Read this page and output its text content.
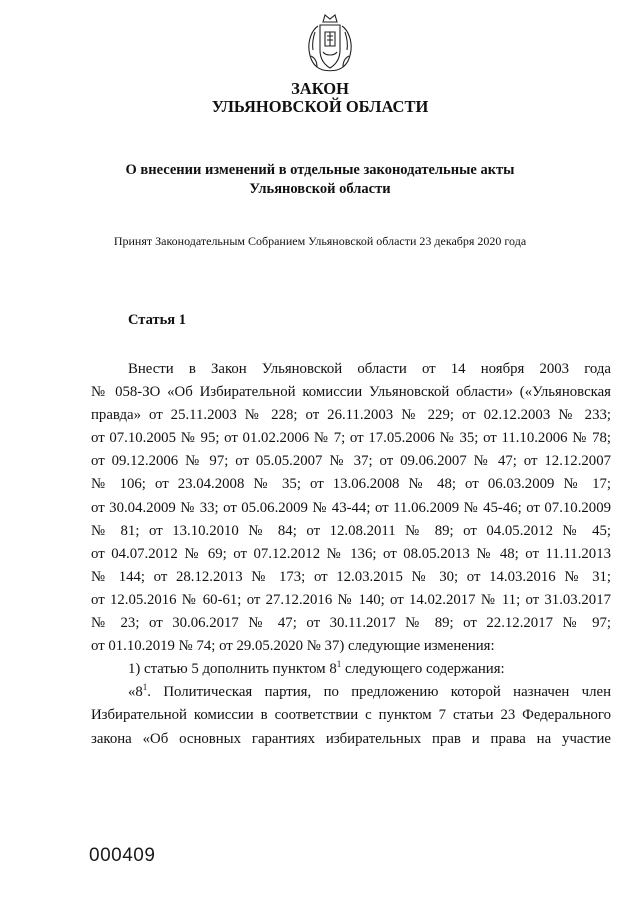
ЗАКОН
УЛЬЯНОВСКОЙ ОБЛАСТИ
О внесении изменений в отдельные законодательные акты
Ульяновской области
Принят Законодательным Собранием Ульяновской области 23 декабря 2020 года
Статья 1
Внести в Закон Ульяновской области от 14 ноября 2003 года
№ 058-ЗО «Об Избирательной комиссии Ульяновской области» («Ульяновская
правда» от 25.11.2003 № 228; от 26.11.2003 № 229; от 02.12.2003 № 233;
от 07.10.2005 № 95; от 01.02.2006 № 7; от 17.05.2006 № 35; от 11.10.2006 № 78;
от 09.12.2006 № 97; от 05.05.2007 № 37; от 09.06.2007 № 47; от 12.12.2007
№ 106; от 23.04.2008 № 35; от 13.06.2008 № 48; от 06.03.2009 № 17;
от 30.04.2009 № 33; от 05.06.2009 № 43-44; от 11.06.2009 № 45-46; от 07.10.2009
№ 81; от 13.10.2010 № 84; от 12.08.2011 № 89; от 04.05.2012 № 45;
от 04.07.2012 № 69; от 07.12.2012 № 136; от 08.05.2013 № 48; от 11.11.2013
№ 144; от 28.12.2013 № 173; от 12.03.2015 № 30; от 14.03.2016 № 31;
от 12.05.2016 № 60-61; от 27.12.2016 № 140; от 14.02.2017 № 11; от 31.03.2017
№ 23; от 30.06.2017 № 47; от 30.11.2017 № 89; от 22.12.2017 № 97;
от 01.10.2019 № 74; от 29.05.2020 № 37) следующие изменения:
1) статью 5 дополнить пунктом $8^1$ следующего содержания:
«$8^1$. Политическая партия, по предложению которой назначен член
Избирательной комиссии в соответствии с пунктом 7 статьи 23 Федерального
закона «Об основных гарантиях избирательных прав и права на участие
000409
